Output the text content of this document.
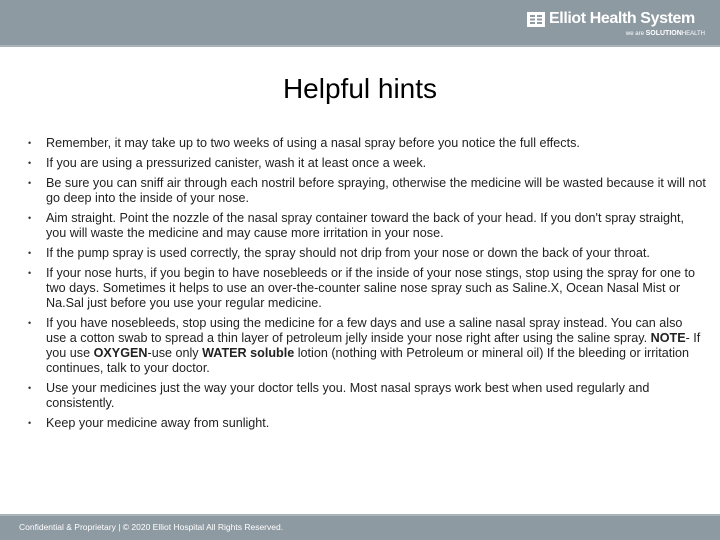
Elliot Health System
we are SOLUTIONHEALTH
Helpful hints
• Remember, it may take up to two weeks of using a nasal spray before you notice the full effects.
• If you are using a pressurized canister, wash it at least once a week.
• Be sure you can sniff air through each nostril before spraying, otherwise the medicine will be wasted because it will not go deep into the inside of your nose.
• Aim straight. Point the nozzle of the nasal spray container toward the back of your head. If you don't spray straight, you will waste the medicine and may cause more irritation in your nose.
• If the pump spray is used correctly, the spray should not drip from your nose or down the back of your throat.
• If your nose hurts, if you begin to have nosebleeds or if the inside of your nose stings, stop using the spray for one to two days. Sometimes it helps to use an over-the-counter saline nose spray such as Saline.X, Ocean Nasal Mist or Na.Sal just before you use your regular medicine.
• If you have nosebleeds, stop using the medicine for a few days and use a saline nasal spray instead. You can also use a cotton swab to spread a thin layer of petroleum jelly inside your nose right after using the saline spray. NOTE- If you use OXYGEN-use only WATER soluble lotion (nothing with Petroleum or mineral oil) If the bleeding or irritation continues, talk to your doctor.
• Use your medicines just the way your doctor tells you. Most nasal sprays work best when used regularly and consistently.
• Keep your medicine away from sunlight.
Confidential & Proprietary | © 2020 Elliot Hospital All Rights Reserved.
